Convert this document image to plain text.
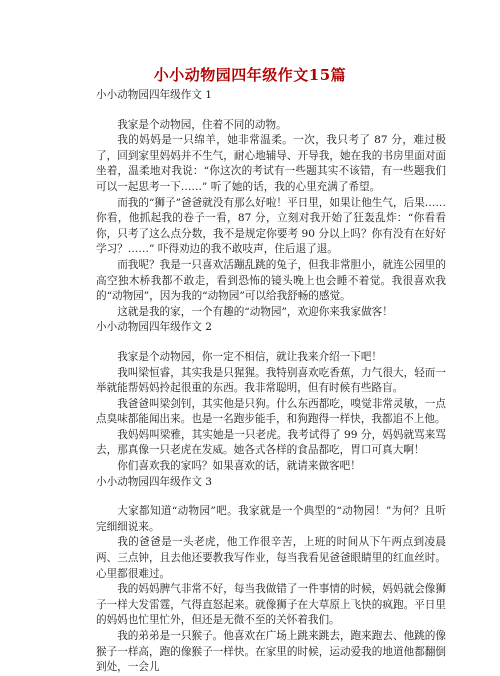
小小动物园四年级作文15篇

小小动物园四年级作文 1

我家是个动物园，住着不同的动物。

我的妈妈是一只绵羊，她非常温柔。一次，我只考了 87 分，难过极了，回到家里妈妈并不生气，耐心地辅导、开导我，她在我的书房里面对面坐着，温柔地对我说：“你这次的考试有一些题其实不该错，有一些题我们可以一起思考一下……” 听了她的话，我的心里充满了希望。

而我的“狮子”爸爸就没有那么好啦！平日里，如果让他生气，后果……你看，他抓起我的卷子一看，87 分，立刻对我开始了狂轰乱炸：“你看看你，只考了这么点分数，我不是规定你要考 90 分以上吗？你有没有在好好学习？……” 吓得劝边的我不敢吱声，住后退了退。

而我呢？我是一只喜欢活蹦乱跳的兔子，但我非常胆小，就连公园里的高空独木桥我都不敢走，看到恐怖的镜头晚上也会睡不着觉。我很喜欢我的“动物园”，因为我的“动物园”可以给我舒畅的感觉。

这就是我的家，一个有趣的“动物园”，欢迎你来我家做客！

小小动物园四年级作文 2

我家是个动物园，你一定不相信，就让我来介绍一下吧！

我叫梁恒睿，其实我是只猩猩。我特别喜欢吃香蕉，力气很大，轻而一举就能帮妈妈拎起很重的东西。我非常聪明，但有时候有些路盲。

我爸爸叫梁剑钊，其实他是只狗。什么东西都吃，嗅觉非常灵敏，一点点臭味都能闻出来。也是一名跑步能手，和狗跑得一样快，我都追不上他。

我妈妈叫梁雅，其实她是一只老虎。我考试得了 99 分，妈妈就骂来骂去，那真像一只老虎在发威。她各式各样的食品都吃，胃口可真大啊！

你们喜欢我的家吗？如果喜欢的话，就请来做客吧！

小小动物园四年级作文 3

大家都知道“动物园”吧。我家就是一个典型的“动物园！”为何？且听完细细说来。

我的爸爸是一头老虎，他工作很辛苦，上班的时间从下午两点到凌晨两、三点钟，且去他还要教我写作业，每当我看见爸爸眼睛里的红血丝时。心里都很难过。

我的妈妈脾气非常不好，每当我做错了一件事情的时候，妈妈就会像狮子一样大发雷霆，气得直怒起来。就像狮子在大草原上飞快的疯跑。平日里的妈妈也忙里忙外，但还是无微不至的关怀着我们。

我的弟弟是一只猴子。他喜欢在广场上跳来跳去，跑来跑去、他跳的像猴子一样高，跑的像猴子一样快。在家里的时候，运动爱我的地道他都翻倒到处，一会儿
